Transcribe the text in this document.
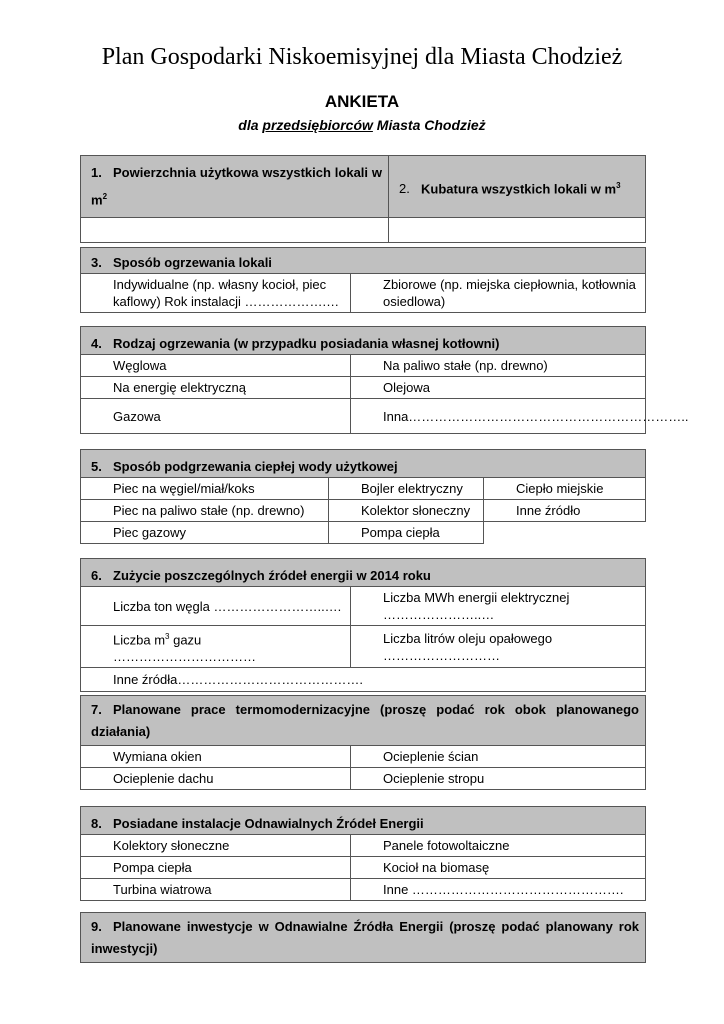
Plan Gospodarki Niskoemisyjnej dla Miasta Chodzież
ANKIETA
dla przedsiębiorców Miasta Chodzież
1. Powierzchnia użytkowa wszystkich lokali w $m^2$	2. Kubatura wszystkich lokali w $m^3$

3. Sposób ogrzewania lokali
Indywidualne (np. własny kocioł, piec kaflowy) Rok instalacji ……………….…	Zbiorowe (np. miejska ciepłownia, kotłownia osiedlowa)
4. Rodzaj ogrzewania (w przypadku posiadania własnej kotłowni)	
Węglowa	Na paliwo stałe (np. drewno)
Na energię elektryczną	Olejowa
Gazowa	Inna………………………………………………………..
5. Sposób podgrzewania ciepłej wody użytkowej		
Piec na węgiel/miał/koks	Bojler elektryczny	Ciepło miejskie
Piec na paliwo stałe (np. drewno)	Kolektor słoneczny	Inne źródło
Piec gazowy	Pompa ciepła	
6. Zużycie poszczególnych źródeł energii w 2014 roku	
Liczba ton węgla ……………………..….	Liczba MWh energii elektrycznej …………………..…
Liczba $m^3$ gazu ……………………………	Liczba litrów oleju opałowego ………………………
Inne źródła…………………………………….	
7. Planowane prace termomodernizacyjne (proszę podać rok obok planowanego działania)	
Wymiana okien	Ocieplenie ścian
Ocieplenie dachu	Ocieplenie stropu
8. Posiadane instalacje Odnawialnych Źródeł Energii	
Kolektory słoneczne	Panele fotowoltaiczne
Pompa ciepła	Kocioł na biomasę
Turbina wiatrowa	Inne ………………………………………….
9. Planowane inwestycje w Odnawialne Źródła Energii (proszę podać planowany rok inwestycji)
